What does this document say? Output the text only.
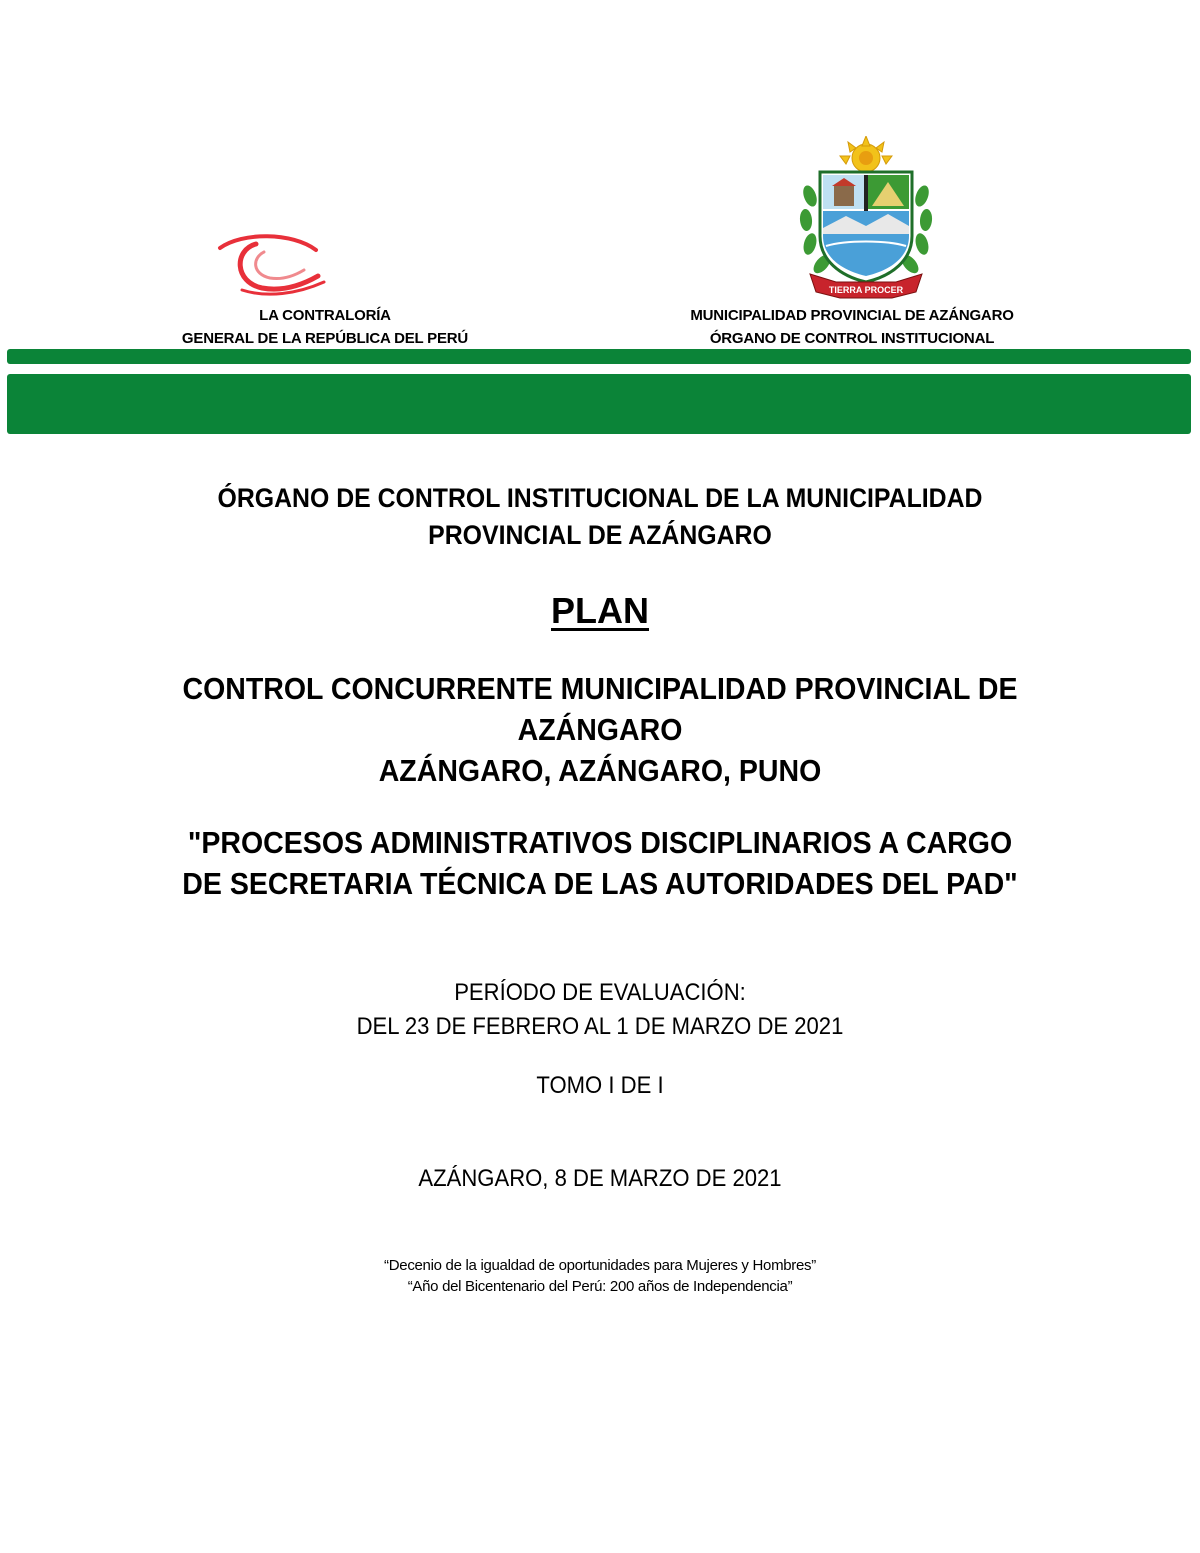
LA CONTRALORÍA
GENERAL DE LA REPÚBLICA DEL PERÚ
TIERRA PROCER
MUNICIPALIDAD PROVINCIAL DE AZÁNGARO
ÓRGANO DE CONTROL INSTITUCIONAL
ÓRGANO DE CONTROL INSTITUCIONAL DE LA MUNICIPALIDAD
PROVINCIAL DE AZÁNGARO
PLAN
CONTROL CONCURRENTE MUNICIPALIDAD PROVINCIAL DE
AZÁNGARO
AZÁNGARO, AZÁNGARO, PUNO
"PROCESOS ADMINISTRATIVOS DISCIPLINARIOS A CARGO
DE SECRETARIA TÉCNICA DE LAS AUTORIDADES DEL PAD"
PERÍODO DE EVALUACIÓN:
DEL 23 DE FEBRERO AL 1 DE MARZO DE 2021
TOMO I DE I
AZÁNGARO, 8 DE MARZO DE 2021
“Decenio de la igualdad de oportunidades para Mujeres y Hombres”
“Año del Bicentenario del Perú: 200 años de Independencia”
